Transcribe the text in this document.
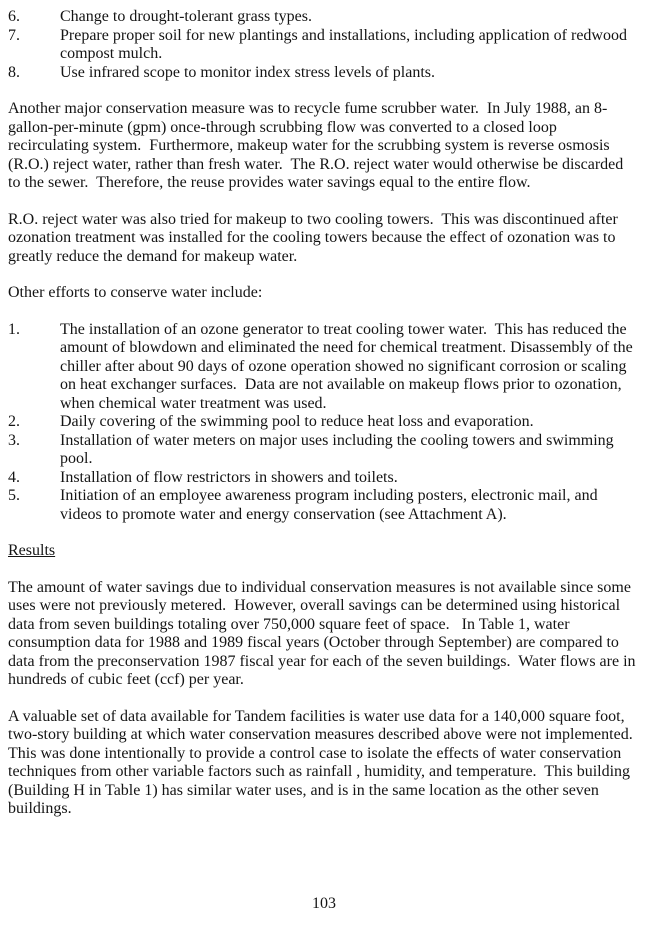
6.	Change to drought-tolerant grass types.
7.	Prepare proper soil for new plantings and installations, including application of redwood compost mulch.
8.	Use infrared scope to monitor index stress levels of plants.

Another major conservation measure was to recycle fume scrubber water.  In July 1988, an 8-gallon-per-minute (gpm) once-through scrubbing flow was converted to a closed loop recirculating system.  Furthermore, makeup water for the scrubbing system is reverse osmosis (R.O.) reject water, rather than fresh water.  The R.O. reject water would otherwise be discarded to the sewer.  Therefore, the reuse provides water savings equal to the entire flow.

R.O. reject water was also tried for makeup to two cooling towers.  This was discontinued after ozonation treatment was installed for the cooling towers because the effect of ozonation was to greatly reduce the demand for makeup water.

Other efforts to conserve water include:

1.	The installation of an ozone generator to treat cooling tower water.  This has reduced the amount of blowdown and eliminated the need for chemical treatment. Disassembly of the chiller after about 90 days of ozone operation showed no significant corrosion or scaling on heat exchanger surfaces.  Data are not available on makeup flows prior to ozonation, when chemical water treatment was used.
2.	Daily covering of the swimming pool to reduce heat loss and evaporation.
3.	Installation of water meters on major uses including the cooling towers and swimming pool.
4.	Installation of flow restrictors in showers and toilets.
5.	Initiation of an employee awareness program including posters, electronic mail, and videos to promote water and energy conservation (see Attachment A).
Results

The amount of water savings due to individual conservation measures is not available since some uses were not previously metered.  However, overall savings can be determined using historical data from seven buildings totaling over 750,000 square feet of space.   In Table 1, water consumption data for 1988 and 1989 fiscal years (October through September) are compared to data from the preconservation 1987 fiscal year for each of the seven buildings.  Water flows are in hundreds of cubic feet (ccf) per year.

A valuable set of data available for Tandem facilities is water use data for a 140,000 square foot, two-story building at which water conservation measures described above were not implemented.  This was done intentionally to provide a control case to isolate the effects of water conservation techniques from other variable factors such as rainfall , humidity, and temperature.  This building (Building H in Table 1) has similar water uses, and is in the same location as the other seven buildings.

103
